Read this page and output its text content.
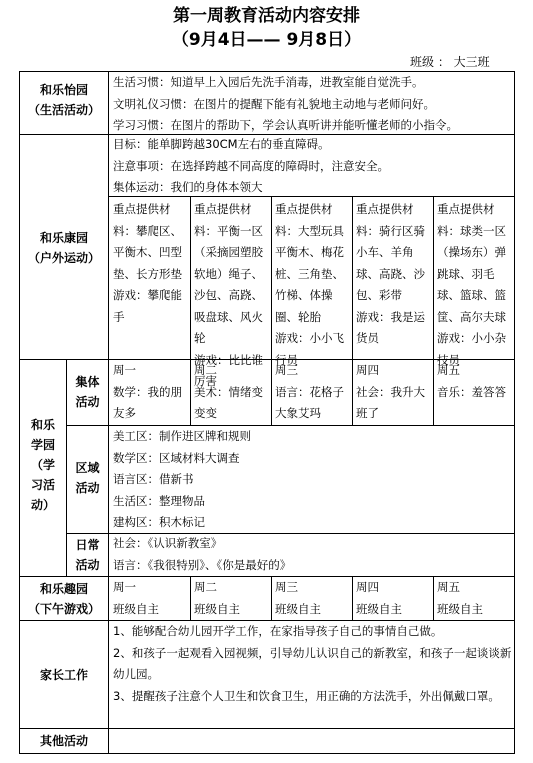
第一周教育活动内容安排
（9月4日—— 9月8日）
班级 ： 大三班
和乐怡园
（生活活动）
生活习惯：知道早上入园后先洗手消毒，进教室能自觉洗手。
文明礼仪习惯：在图片的提醒下能有礼貌地主动地与老师问好。
学习习惯：在图片的帮助下，学会认真听讲并能听懂老师的小指令。
和乐康园
（户外运动）
目标：能单脚跨越30CM左右的垂直障碍。
注意事项：在选择跨越不同高度的障碍时，注意安全。
集体运动：我们的身体本领大
重点提供材料：攀爬区、平衡木、凹型垫、长方形垫
游戏：攀爬能手
重点提供材料：平衡一区（采摘园塑胶软地）绳子、沙包、高跷、吸盘球、风火轮
游戏：比比谁厉害
重点提供材料：大型玩具平衡木、梅花桩、三角垫、竹梯、体操圈、轮胎
游戏：小小飞行员
重点提供材料：骑行区骑小车、羊角球、高跷、沙包、彩带
游戏：我是运货员
重点提供材料：球类一区（操场东）弹跳球、羽毛球、篮球、篮筐、高尔夫球
游戏：小小杂技员
和乐
学园
（学
习活
动）
集体
活动
周一
数学：我的朋友多
周二
美术：情绪变变变
周三
语言：花格子大象艾玛
周四
社会：我升大班了
周五
音乐：羞答答
区域
活动
美工区：制作进区牌和规则
数学区：区域材料大调查
语言区：借新书
生活区：整理物品
建构区：积木标记
日常
活动
社会：《认识新教室》
语言：《我很特别》、《你是最好的》
和乐趣园
（下午游戏）
周一
班级自主
周二
班级自主
周三
班级自主
周四
班级自主
周五
班级自主
家长工作
1、能够配合幼儿园开学工作，在家指导孩子自己的事情自己做。
2、和孩子一起观看入园视频，引导幼儿认识自己的新教室，和孩子一起谈谈新幼儿园。
3、提醒孩子注意个人卫生和饮食卫生，用正确的方法洗手，外出佩戴口罩。
其他活动
